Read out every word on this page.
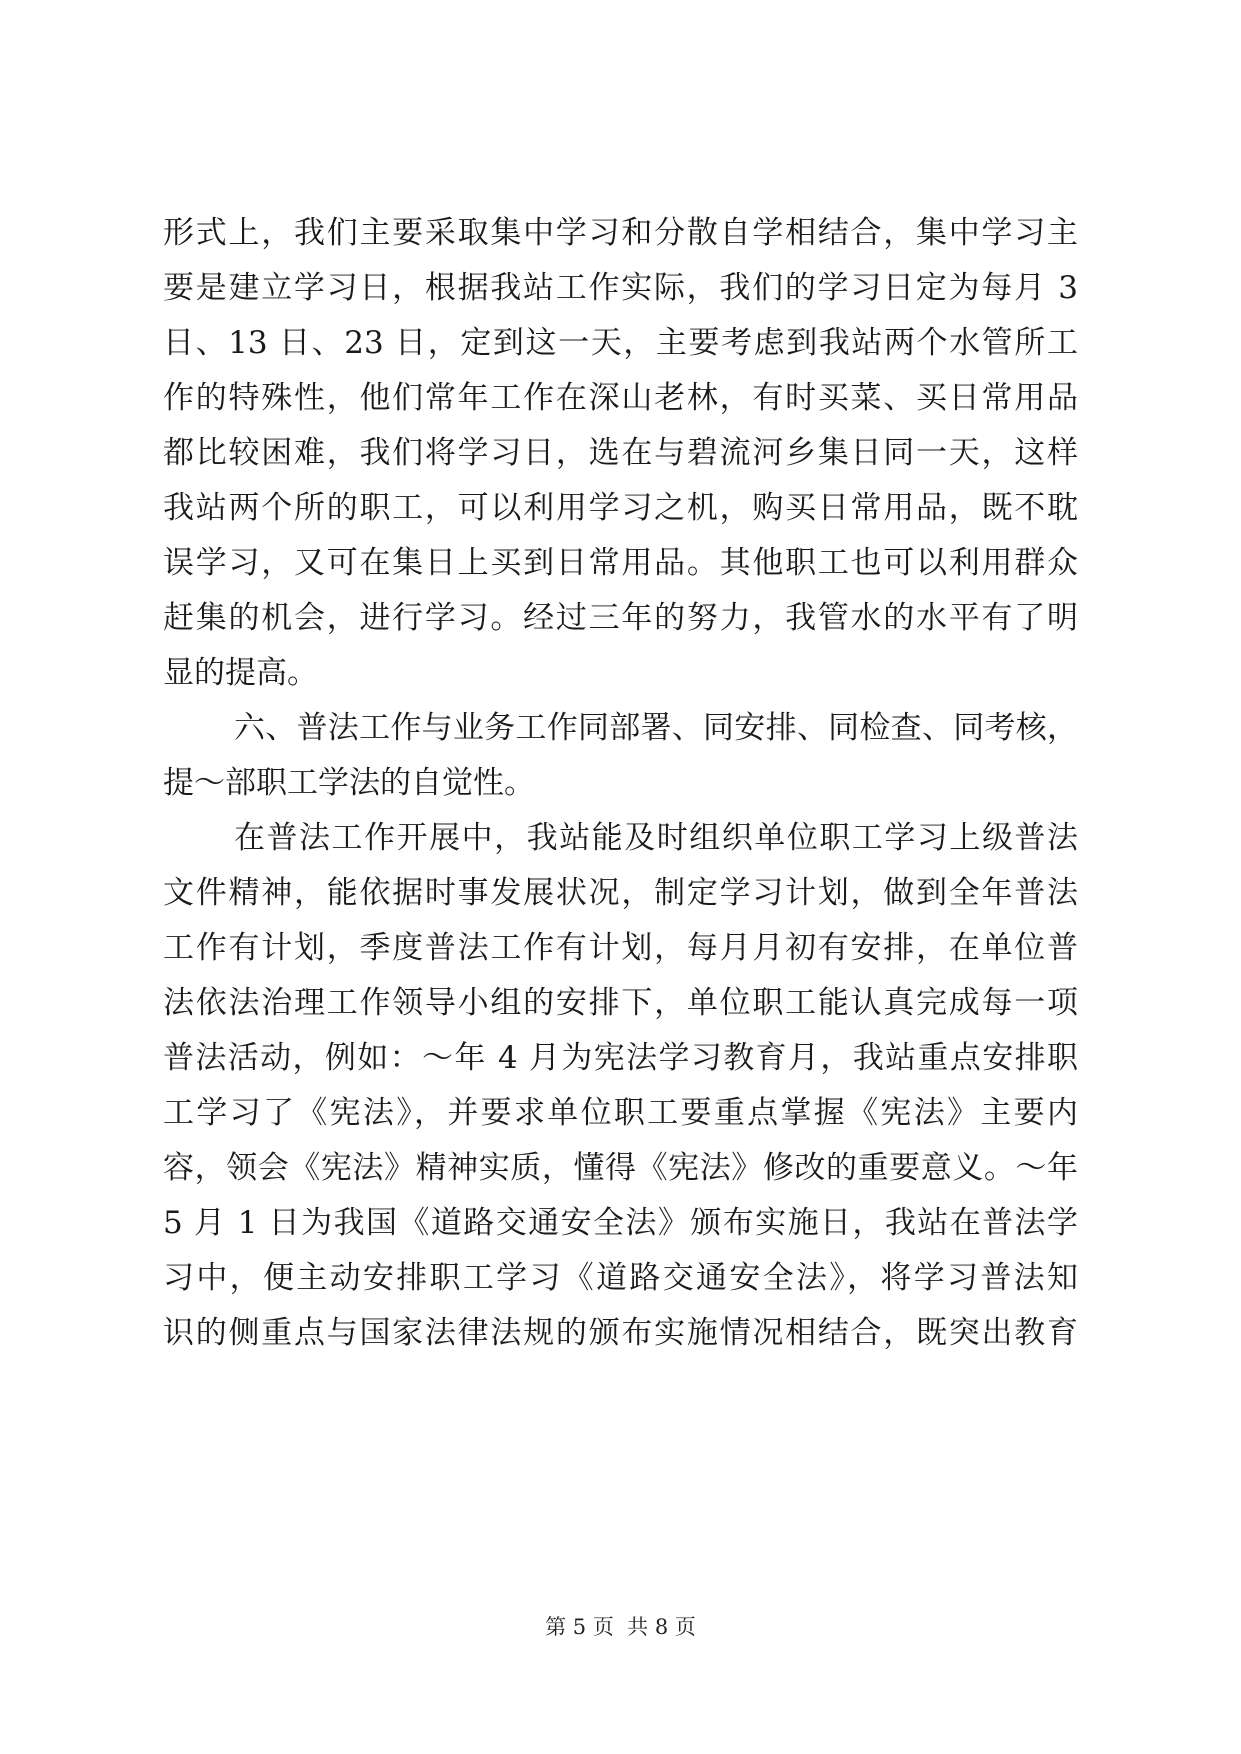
形式上，我们主要采取集中学习和分散自学相结合，集中学习主
要是建立学习日，根据我站工作实际，我们的学习日定为每月 3
日、13 日、23 日，定到这一天，主要考虑到我站两个水管所工
作的特殊性，他们常年工作在深山老林，有时买菜、买日常用品
都比较困难，我们将学习日，选在与碧流河乡集日同一天，这样
我站两个所的职工，可以利用学习之机，购买日常用品，既不耽
误学习，又可在集日上买到日常用品。其他职工也可以利用群众
赶集的机会，进行学习。经过三年的努力，我管水的水平有了明
显的提高。
六、普法工作与业务工作同部署、同安排、同检查、同考核，
提～部职工学法的自觉性。
在普法工作开展中，我站能及时组织单位职工学习上级普法
文件精神，能依据时事发展状况，制定学习计划，做到全年普法
工作有计划，季度普法工作有计划，每月月初有安排，在单位普
法依法治理工作领导小组的安排下，单位职工能认真完成每一项
普法活动，例如：～年 4 月为宪法学习教育月，我站重点安排职
工学习了《宪法》，并要求单位职工要重点掌握《宪法》主要内
容，领会《宪法》精神实质，懂得《宪法》修改的重要意义。～年
5 月 1 日为我国《道路交通安全法》颁布实施日，我站在普法学
习中，便主动安排职工学习《道路交通安全法》，将学习普法知
识的侧重点与国家法律法规的颁布实施情况相结合，既突出教育
第 5 页  共 8 页
